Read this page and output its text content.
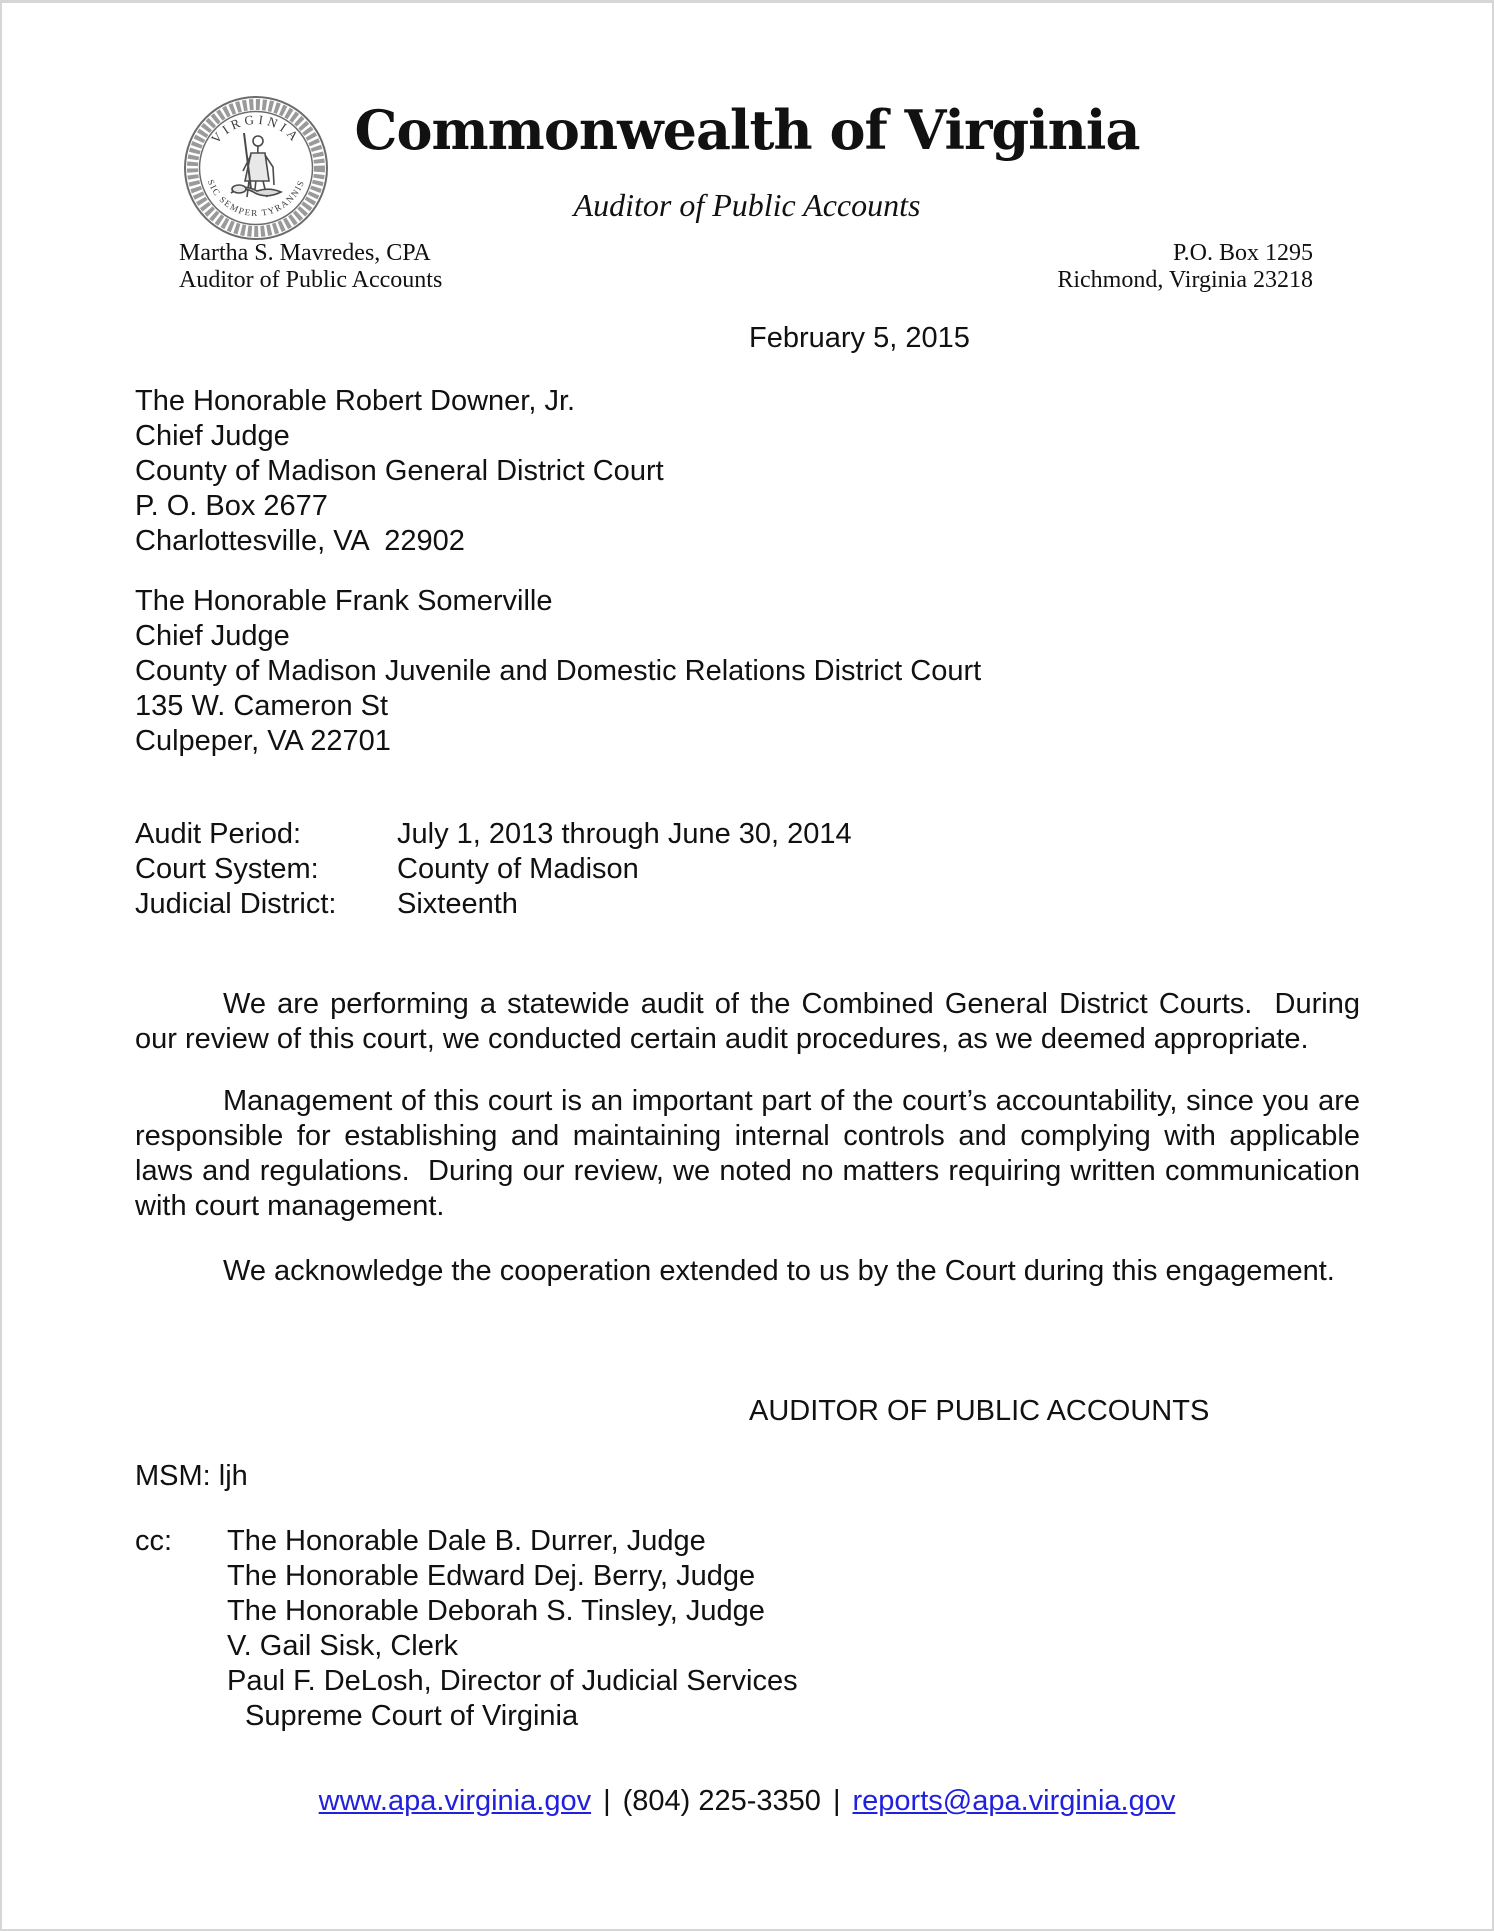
VIRGINIA
SIC SEMPER TYRANNIS
Commonwealth of Virginia
Auditor of Public Accounts
Martha S. Mavredes, CPA
Auditor of Public Accounts
P.O. Box 1295
Richmond, Virginia 23218
February 5, 2015
The Honorable Robert Downer, Jr.
Chief Judge
County of Madison General District Court
P. O. Box 2677
Charlottesville, VA  22902
The Honorable Frank Somerville
Chief Judge
County of Madison Juvenile and Domestic Relations District Court
135 W. Cameron St
Culpeper, VA 22701
Audit Period:	July 1, 2013 through June 30, 2014
Court System:	County of Madison
Judicial District:	Sixteenth
We are performing a statewide audit of the Combined General District Courts.  During our review of this court, we conducted certain audit procedures, as we deemed appropriate.
Management of this court is an important part of the court’s accountability, since you are responsible for establishing and maintaining internal controls and complying with applicable laws and regulations.  During our review, we noted no matters requiring written communication with court management.
We acknowledge the cooperation extended to us by the Court during this engagement.
AUDITOR OF PUBLIC ACCOUNTS
MSM: ljh
cc:	The Honorable Dale B. Durrer, Judge
The Honorable Edward Dej. Berry, Judge
The Honorable Deborah S. Tinsley, Judge
V. Gail Sisk, Clerk
Paul F. DeLosh, Director of Judicial Services
Supreme Court of Virginia
www.apa.virginia.gov | (804) 225-3350 | reports@apa.virginia.gov
